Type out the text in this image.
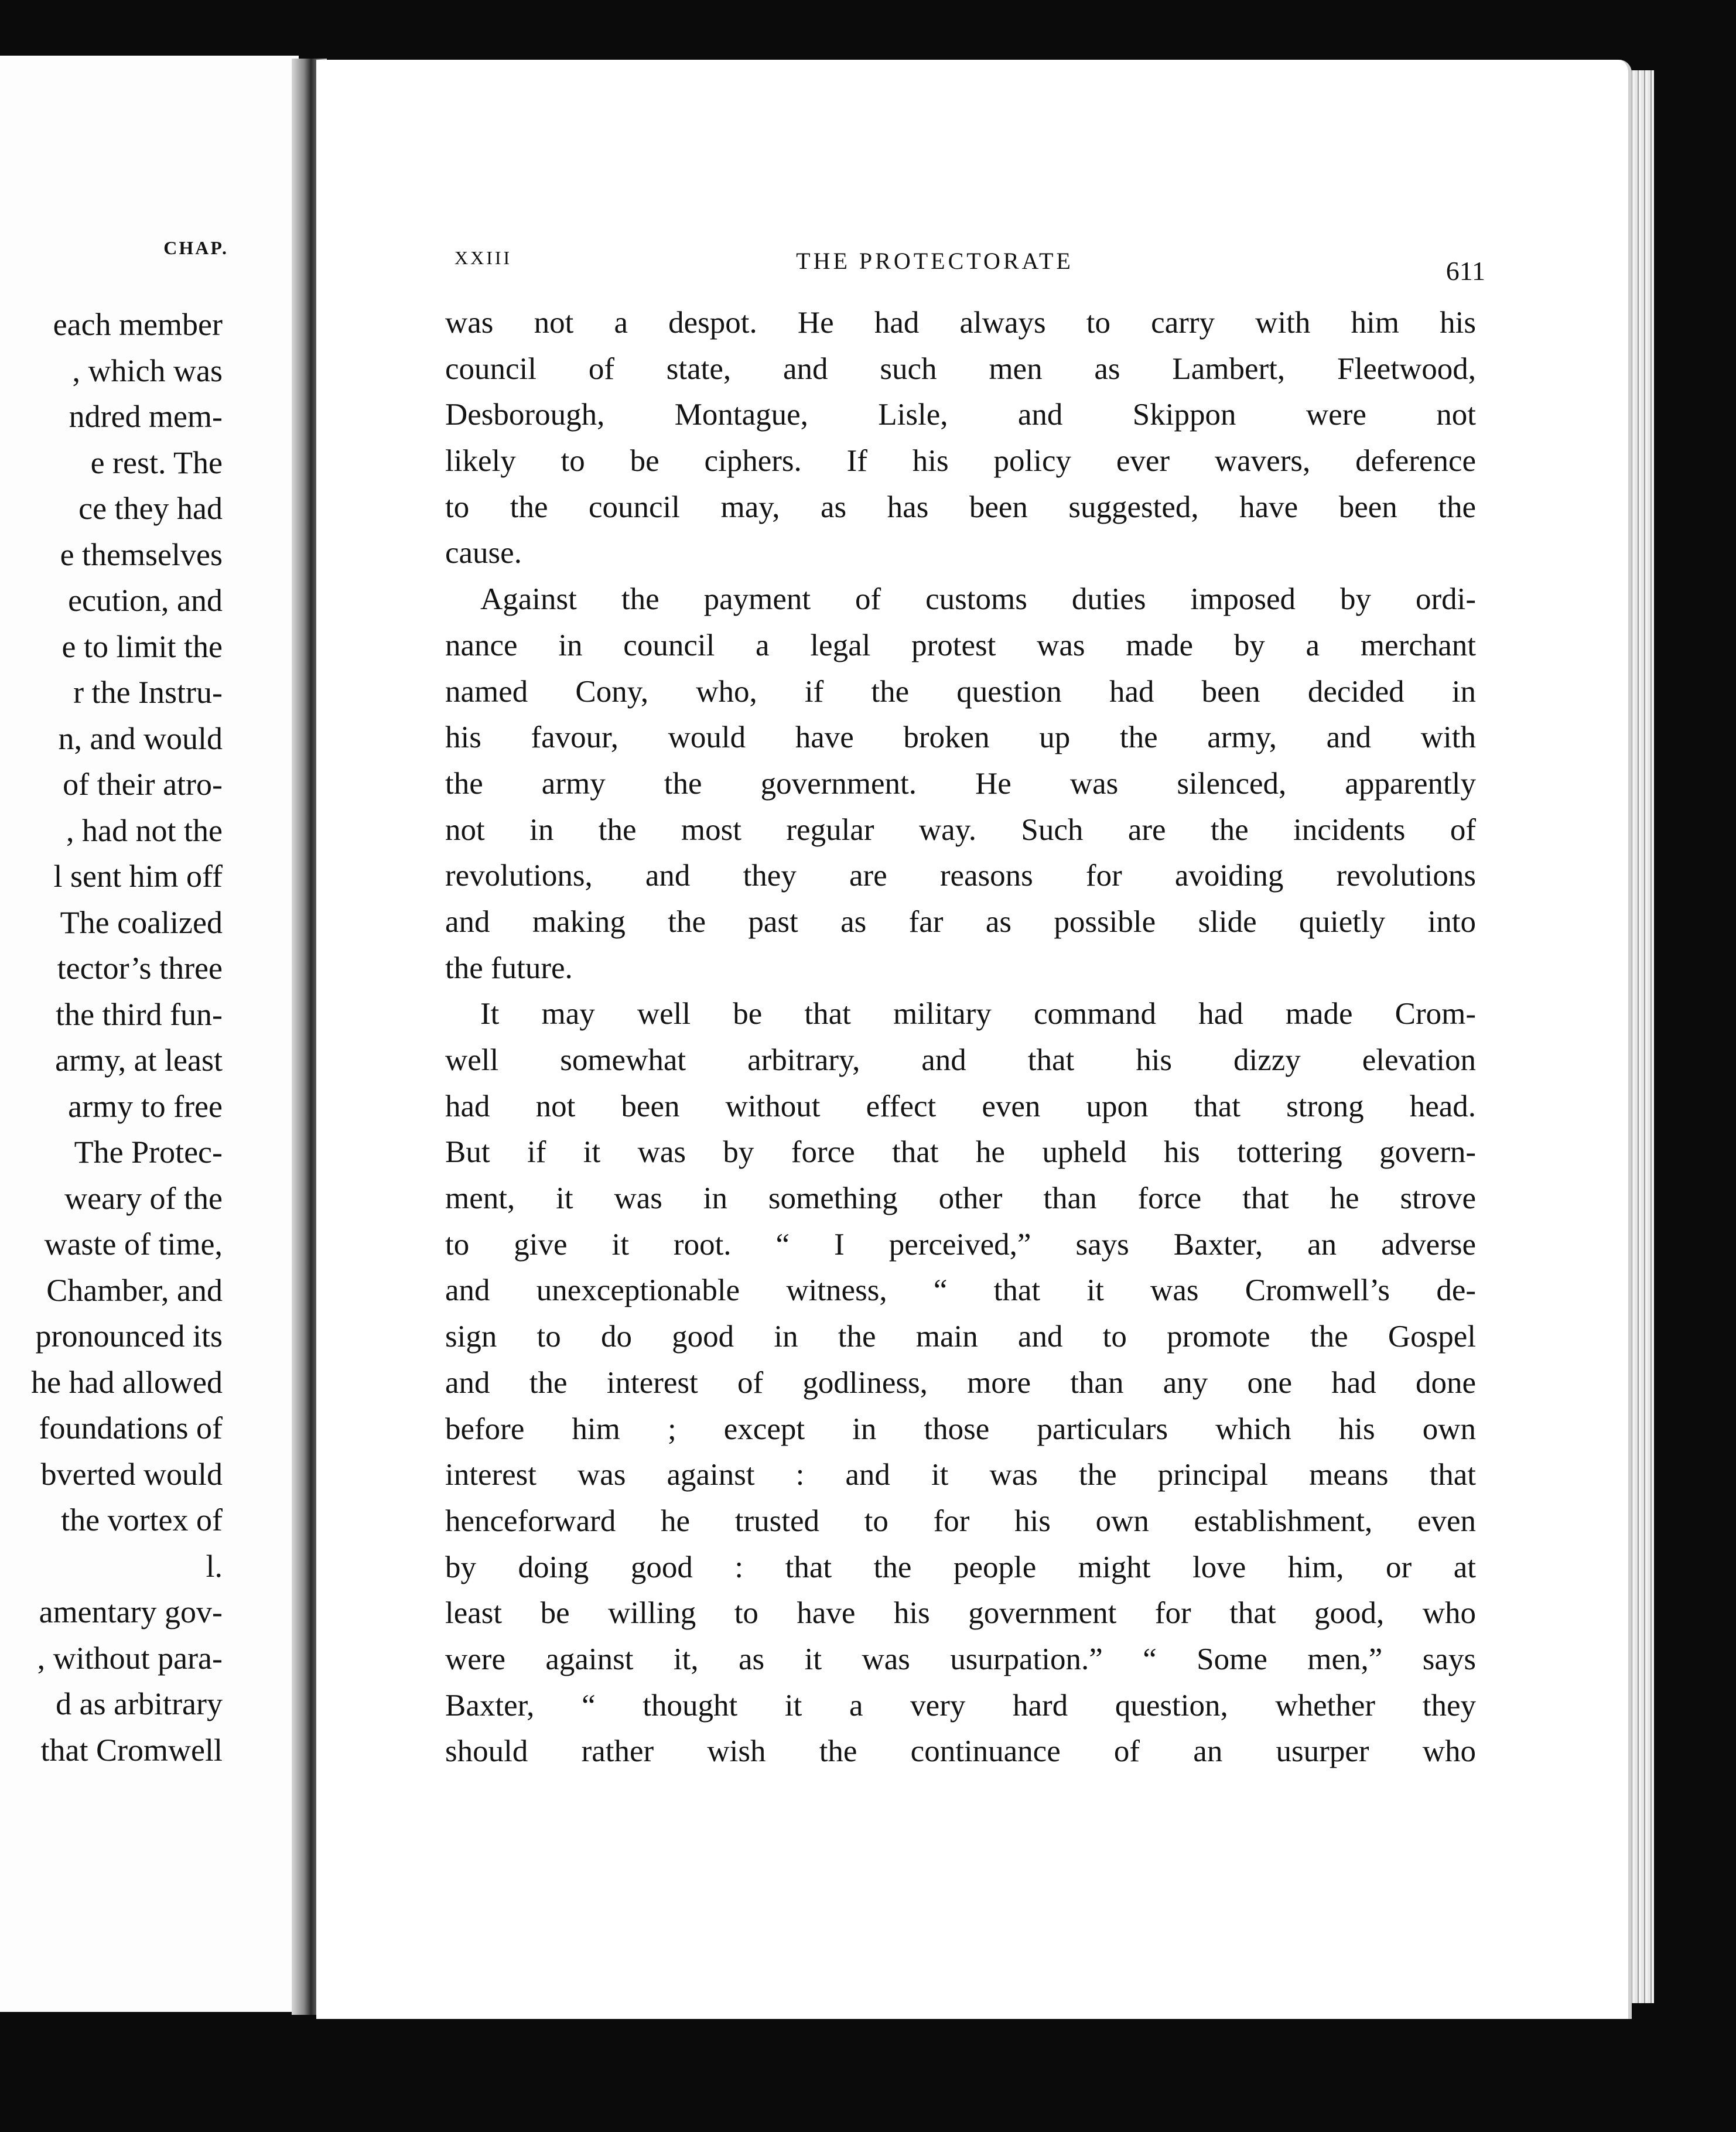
CHAP.
each member
, which was
ndred mem-
e rest. The
ce they had
e themselves
ecution, and
e to limit the
r the Instru-
n, and would
of their atro-
, had not the
l sent him off
The coalized
tector’s three
the third fun-
army, at least
army to free
The Protec-
weary of the
waste of time,
Chamber, and
pronounced its
he had allowed
foundations of
bverted would
the vortex of
l.
amentary gov-
, without para-
d as arbitrary
that Cromwell
XXIII	THE PROTECTORATE	611
was not a despot. He had always to carry with him his
council of state, and such men as Lambert, Fleetwood,
Desborough, Montague, Lisle, and Skippon were not
likely to be ciphers. If his policy ever wavers, deference
to the council may, as has been suggested, have been the
cause.
Against the payment of customs duties imposed by ordi-
nance in council a legal protest was made by a merchant
named Cony, who, if the question had been decided in
his favour, would have broken up the army, and with
the army the government. He was silenced, apparently
not in the most regular way. Such are the incidents of
revolutions, and they are reasons for avoiding revolutions
and making the past as far as possible slide quietly into
the future.
It may well be that military command had made Crom-
well somewhat arbitrary, and that his dizzy elevation
had not been without effect even upon that strong head.
But if it was by force that he upheld his tottering govern-
ment, it was in something other than force that he strove
to give it root. “ I perceived,” says Baxter, an adverse
and unexceptionable witness, “ that it was Cromwell’s de-
sign to do good in the main and to promote the Gospel
and the interest of godliness, more than any one had done
before him ; except in those particulars which his own
interest was against : and it was the principal means that
henceforward he trusted to for his own establishment, even
by doing good : that the people might love him, or at
least be willing to have his government for that good, who
were against it, as it was usurpation.” “ Some men,” says
Baxter, “ thought it a very hard question, whether they
should rather wish the continuance of an usurper who
